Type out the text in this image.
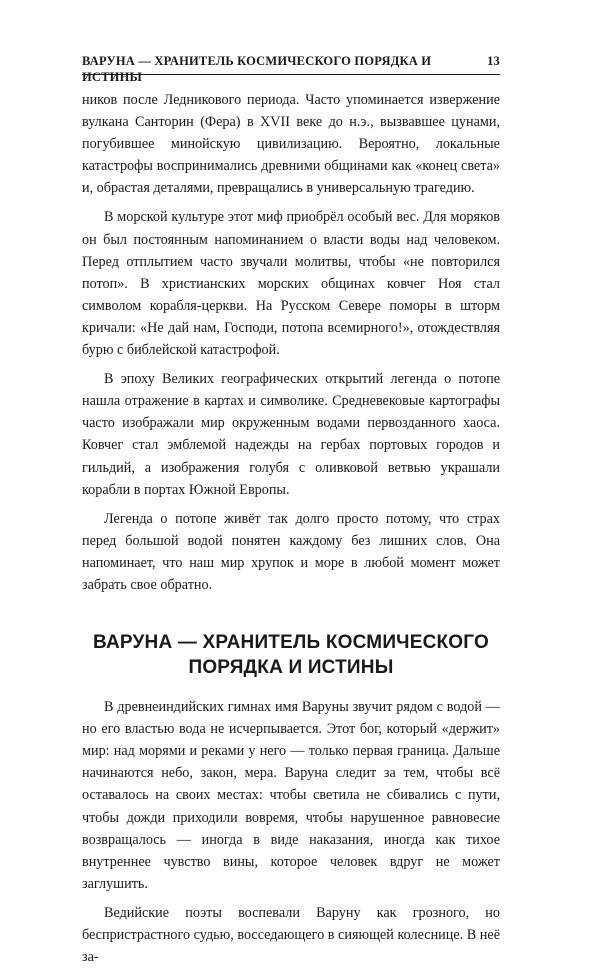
ВАРУНА — ХРАНИТЕЛЬ КОСМИЧЕСКОГО ПОРЯДКА И ИСТИНЫ
13

ников после Ледникового периода. Часто упоминается извержение вулкана Санторин (Фера) в XVII веке до н.э., вызвавшее цунами, погубившее минойскую цивилизацию. Вероятно, локальные катастрофы воспринимались древними общинами как «конец света» и, обрастая деталями, превращались в универсальную трагедию.

В морской культуре этот миф приобрёл особый вес. Для моряков он был постоянным напоминанием о власти воды над человеком. Перед отплытием часто звучали молитвы, чтобы «не повторился потоп». В христианских морских общинах ковчег Ноя стал символом корабля-церкви. На Русском Севере поморы в шторм кричали: «Не дай нам, Господи, потопа всемирного!», отождествляя бурю с библейской катастрофой.

В эпоху Великих географических открытий легенда о потопе нашла отражение в картах и символике. Средневековые картографы часто изображали мир окруженным водами первозданного хаоса. Ковчег стал эмблемой надежды на гербах портовых городов и гильдий, а изображения голубя с оливковой ветвью украшали корабли в портах Южной Европы.

Легенда о потопе живёт так долго просто потому, что страх перед большой водой понятен каждому без лишних слов. Она напоминает, что наш мир хрупок и море в любой момент может забрать свое обратно.

ВАРУНА — ХРАНИТЕЛЬ КОСМИЧЕСКОГО
ПОРЯДКА И ИСТИНЫ

В древнеиндийских гимнах имя Варуны звучит рядом с водой — но его властью вода не исчерпывается. Этот бог, который «держит» мир: над морями и реками у него — только первая граница. Дальше начинаются небо, закон, мера. Варуна следит за тем, чтобы всё оставалось на своих местах: чтобы светила не сбивались с пути, чтобы дожди приходили вовремя, чтобы нарушенное равновесие возвращалось — иногда в виде наказания, иногда как тихое внутреннее чувство вины, которое человек вдруг не может заглушить.

Ведийские поэты воспевали Варуну как грозного, но беспристрастного судью, восседающего в сияющей колеснице. В неё за-
